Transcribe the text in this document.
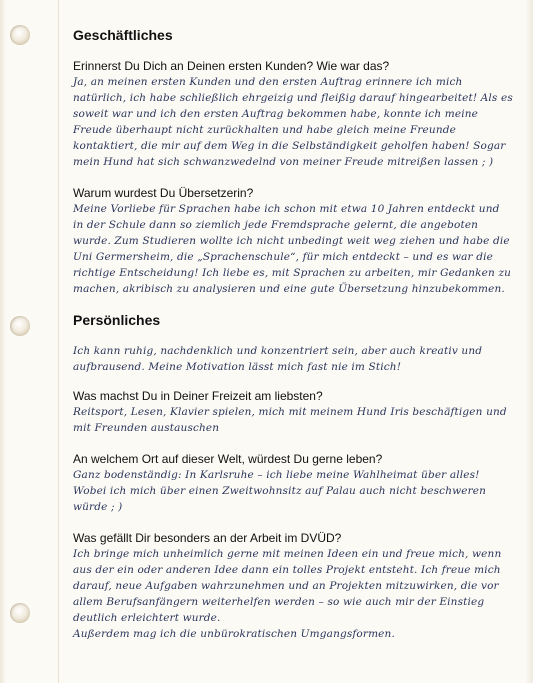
Geschäftliches

Erinnerst Du Dich an Deinen ersten Kunden? Wie war das?

Ja, an meinen ersten Kunden und den ersten Auftrag erinnere ich mich natürlich, ich habe schließlich ehrgeizig und fleißig darauf hingearbeitet! Als es soweit war und ich den ersten Auftrag bekommen habe, konnte ich meine Freude überhaupt nicht zurückhalten und habe gleich meine Freunde kontaktiert, die mir auf dem Weg in die Selbständigkeit geholfen haben! Sogar mein Hund hat sich schwanzwedelnd von meiner Freude mitreißen lassen ; )

Warum wurdest Du Übersetzerin?

Meine Vorliebe für Sprachen habe ich schon mit etwa 10 Jahren entdeckt und in der Schule dann so ziemlich jede Fremdsprache gelernt, die angeboten wurde. Zum Studieren wollte ich nicht unbedingt weit weg ziehen und habe die Uni Germersheim, die „Sprachenschule“, für mich entdeckt – und es war die richtige Entscheidung! Ich liebe es, mit Sprachen zu arbeiten, mir Gedanken zu machen, akribisch zu analysieren und eine gute Übersetzung hinzubekommen.

Persönliches

Ich kann ruhig, nachdenklich und konzentriert sein, aber auch kreativ und aufbrausend. Meine Motivation lässt mich fast nie im Stich!

Was machst Du in Deiner Freizeit am liebsten?

Reitsport, Lesen, Klavier spielen, mich mit meinem Hund Iris beschäftigen und mit Freunden austauschen

An welchem Ort auf dieser Welt, würdest Du gerne leben?

Ganz bodenständig: In Karlsruhe – ich liebe meine Wahlheimat über alles! Wobei ich mich über einen Zweitwohnsitz auf Palau auch nicht beschweren würde ; )

Was gefällt Dir besonders an der Arbeit im DVÜD?

Ich bringe mich unheimlich gerne mit meinen Ideen ein und freue mich, wenn aus der ein oder anderen Idee dann ein tolles Projekt entsteht. Ich freue mich darauf, neue Aufgaben wahrzunehmen und an Projekten mitzuwirken, die vor allem Berufsanfängern weiterhelfen werden – so wie auch mir der Einstieg deutlich erleichtert wurde.

Außerdem mag ich die unbürokratischen Umgangsformen.
